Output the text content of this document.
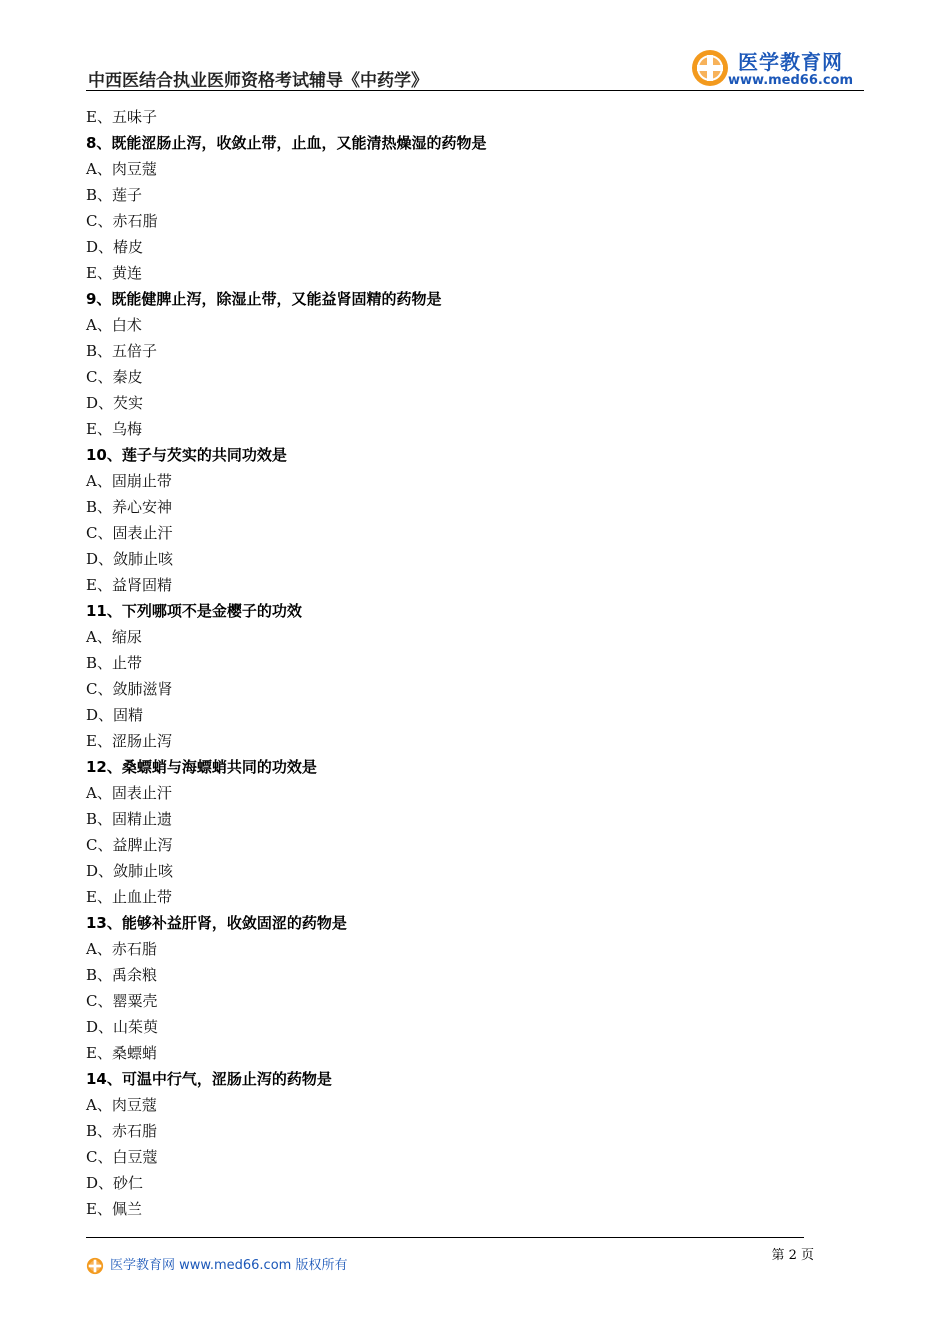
中西医结合执业医师资格考试辅导《中药学》
医学教育网
www.med66.com
E、五味子
8、既能涩肠止泻，收敛止带，止血，又能清热燥湿的药物是
A、肉豆蔻
B、莲子
C、赤石脂
D、椿皮
E、黄连
9、既能健脾止泻，除湿止带，又能益肾固精的药物是
A、白术
B、五倍子
C、秦皮
D、芡实
E、乌梅
10、莲子与芡实的共同功效是
A、固崩止带
B、养心安神
C、固表止汗
D、敛肺止咳
E、益肾固精
11、下列哪项不是金樱子的功效
A、缩尿
B、止带
C、敛肺滋肾
D、固精
E、涩肠止泻
12、桑螵蛸与海螵蛸共同的功效是
A、固表止汗
B、固精止遗
C、益脾止泻
D、敛肺止咳
E、止血止带
13、能够补益肝肾，收敛固涩的药物是
A、赤石脂
B、禹余粮
C、罂粟壳
D、山茱萸
E、桑螵蛸
14、可温中行气，涩肠止泻的药物是
A、肉豆蔻
B、赤石脂
C、白豆蔻
D、砂仁
E、佩兰
医学教育网 www.med66.com 版权所有
第 2 页
